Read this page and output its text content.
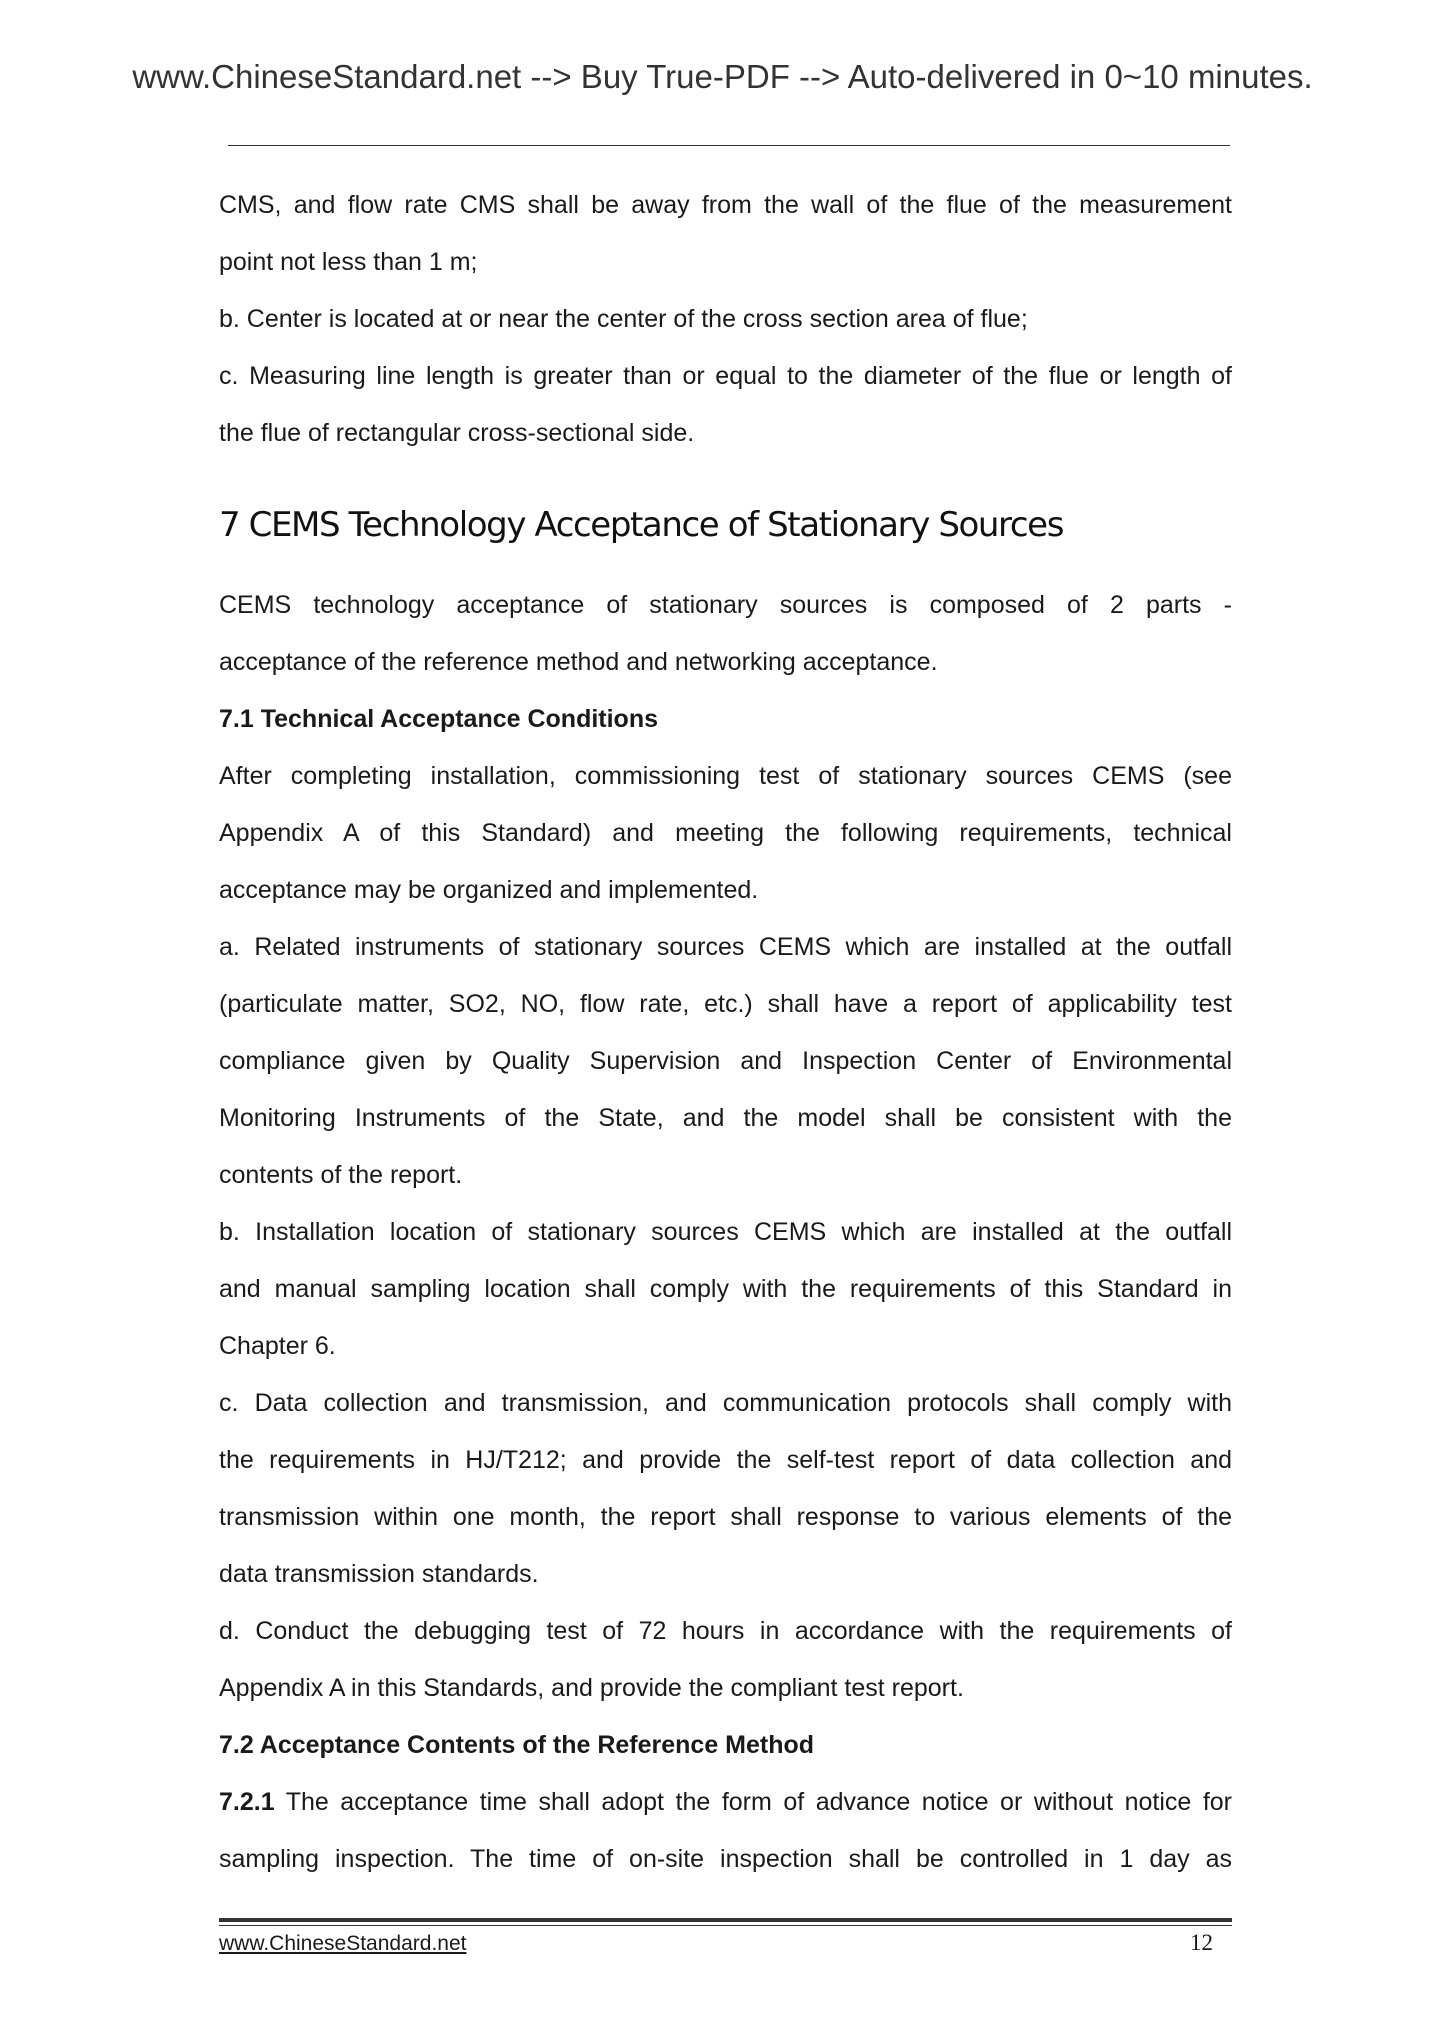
www.ChineseStandard.net --> Buy True-PDF --> Auto-delivered in 0~10 minutes.
CMS, and flow rate CMS shall be away from the wall of the flue of the measurement
point not less than 1 m;
b. Center is located at or near the center of the cross section area of flue;
c. Measuring line length is greater than or equal to the diameter of the flue or length of
the flue of rectangular cross-sectional side.
CEMS technology acceptance of stationary sources is composed of 2 parts -
acceptance of the reference method and networking acceptance.
7.1 Technical Acceptance Conditions
After completing installation, commissioning test of stationary sources CEMS (see
Appendix A of this Standard) and meeting the following requirements, technical
acceptance may be organized and implemented.
a. Related instruments of stationary sources CEMS which are installed at the outfall
(particulate matter, SO2, NO, flow rate, etc.) shall have a report of applicability test
compliance given by Quality Supervision and Inspection Center of Environmental
Monitoring Instruments of the State, and the model shall be consistent with the
contents of the report.
b. Installation location of stationary sources CEMS which are installed at the outfall
and manual sampling location shall comply with the requirements of this Standard in
Chapter 6.
c. Data collection and transmission, and communication protocols shall comply with
the requirements in HJ/T212; and provide the self-test report of data collection and
transmission within one month, the report shall response to various elements of the
data transmission standards.
d. Conduct the debugging test of 72 hours in accordance with the requirements of
Appendix A in this Standards, and provide the compliant test report.
7.2 Acceptance Contents of the Reference Method
7.2.1 The acceptance time shall adopt the form of advance notice or without notice for
sampling inspection. The time of on-site inspection shall be controlled in 1 day as
7 CEMS Technology Acceptance of Stationary Sources
www.ChineseStandard.net	12
